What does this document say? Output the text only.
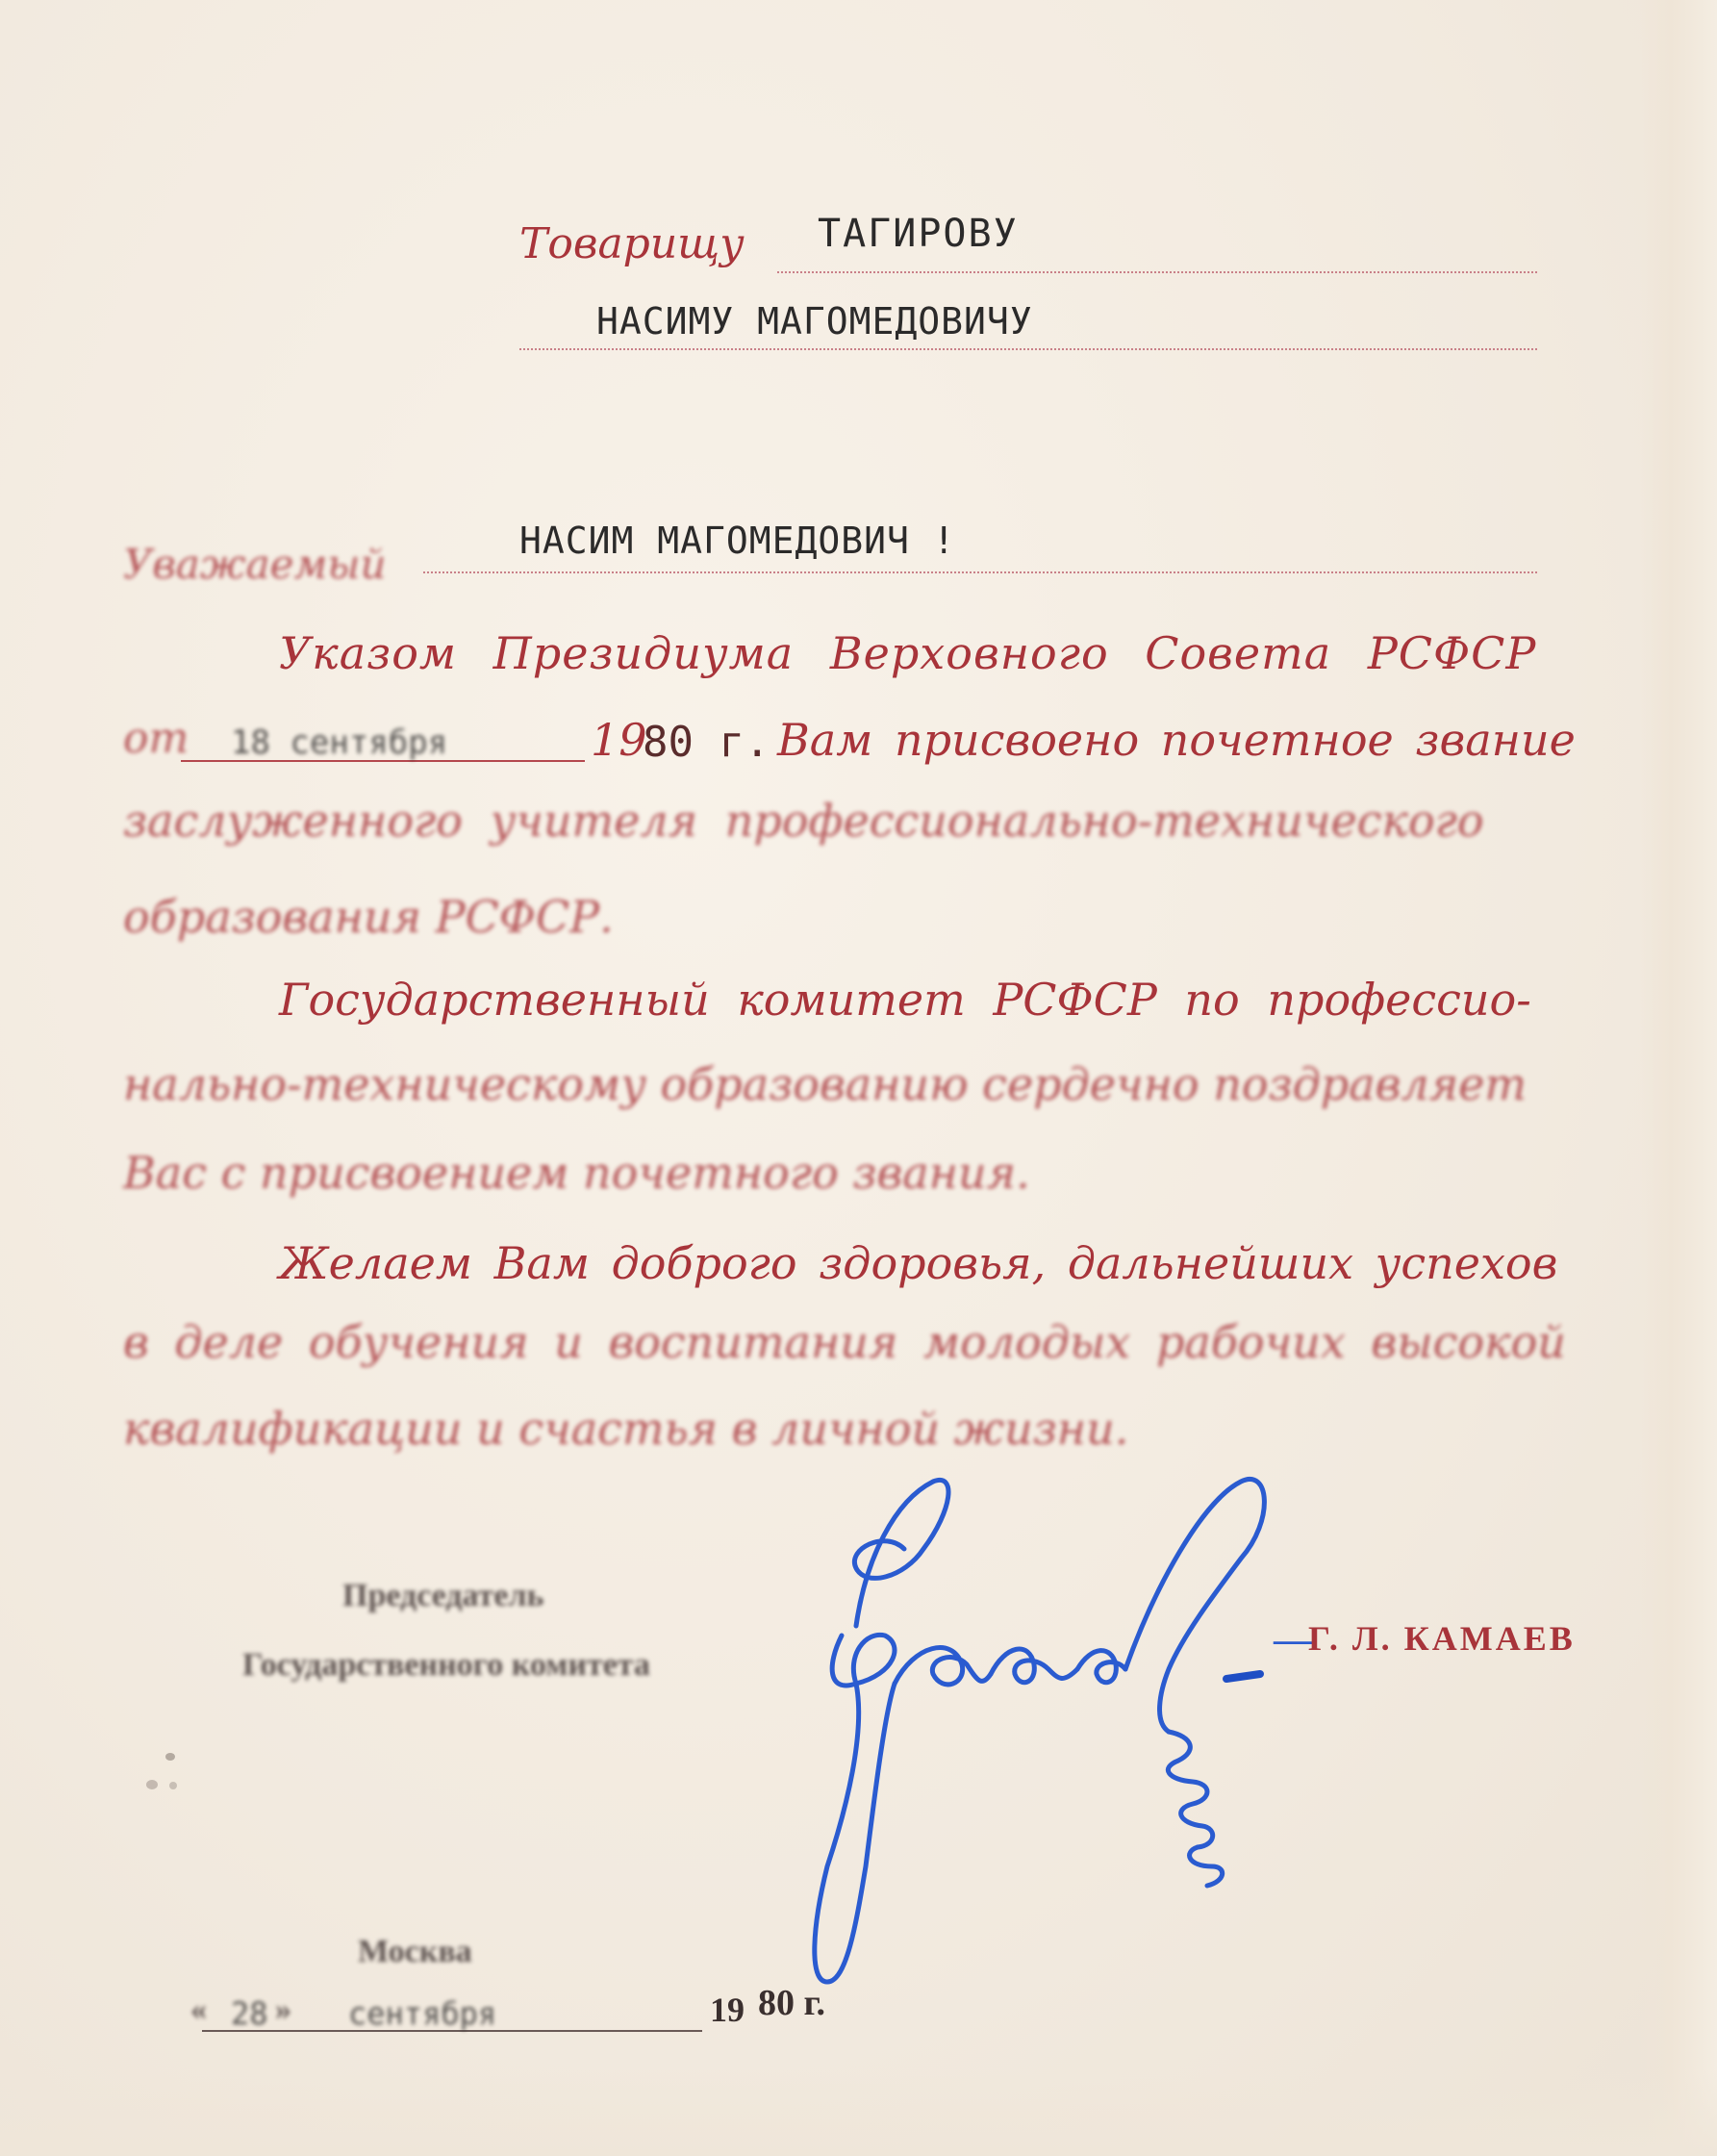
Товарищу ТАГИРОВУ
НАСИМУ МАГОМЕДОВИЧУ
Уважаемый	НАСИМ МАГОМЕДОВИЧ !
Указом Президиума Верховного Совета РСФСР
от 18 сентября	19
80 г. Вам присвоено почетное звание
заслуженного учителя профессионально-технического
образования РСФСР.
Государственный комитет РСФСР по профессио-
нально-техническому образованию сердечно поздравляет
Вас с присвоением почетного звания.
Желаем Вам доброго здоровья, дальнейших успехов
в деле обучения и воспитания молодых рабочих высокой
квалификации и счастья в личной жизни.
Председатель
Государственного комитета
—
Г. Л. КАМАЕВ
Москва
« 28 » сентября	19 80 г.
